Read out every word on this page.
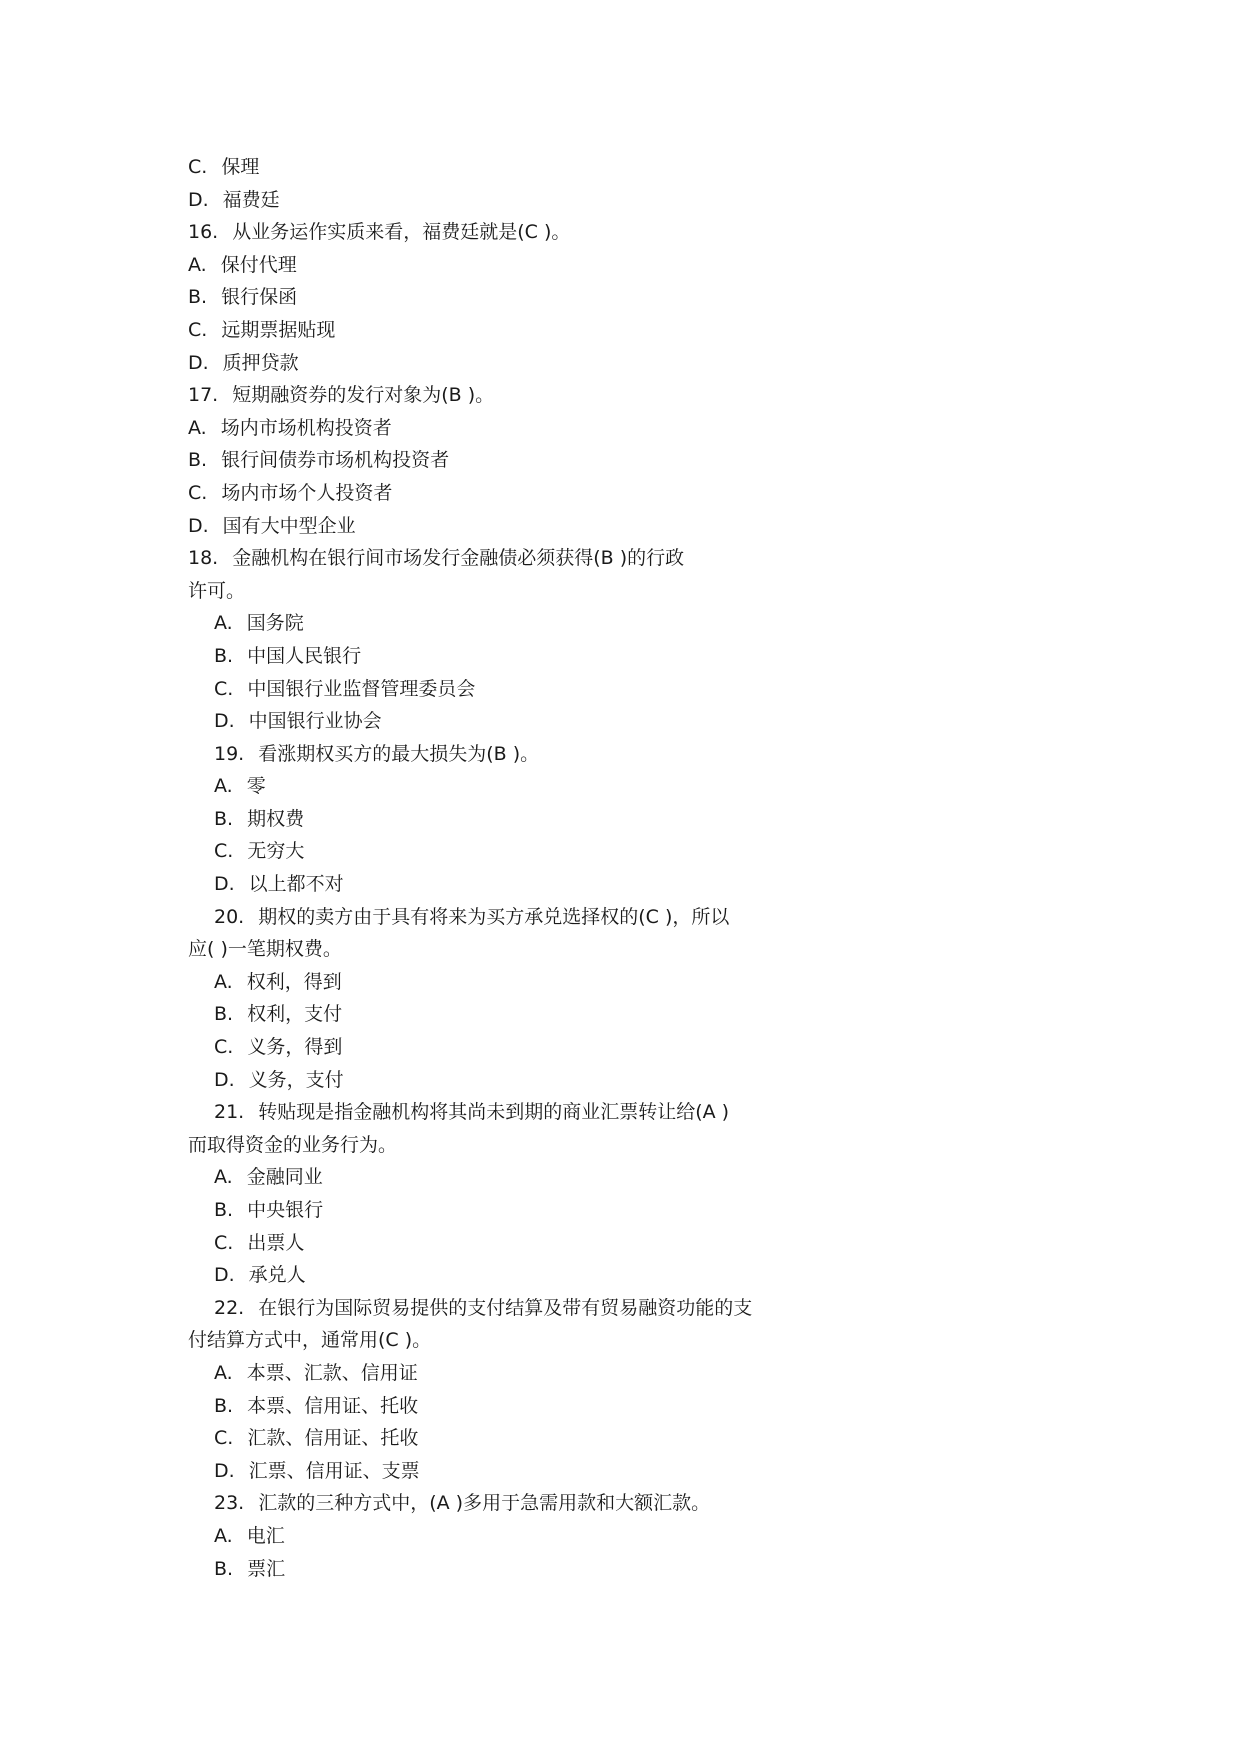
C. 保理
D. 福费廷
16. 从业务运作实质来看，福费廷就是(C )。
A. 保付代理
B. 银行保函
C. 远期票据贴现
D. 质押贷款
17. 短期融资券的发行对象为(B )。
A. 场内市场机构投资者
B. 银行间债券市场机构投资者
C. 场内市场个人投资者
D. 国有大中型企业
18. 金融机构在银行间市场发行金融债必须获得(B )的行政
许可。
A. 国务院
B. 中国人民银行
C. 中国银行业监督管理委员会
D. 中国银行业协会
19. 看涨期权买方的最大损失为(B )。
A. 零
B. 期权费
C. 无穷大
D. 以上都不对
20. 期权的卖方由于具有将来为买方承兑选择权的(C )，所以
应( )一笔期权费。
A. 权利，得到
B. 权利，支付
C. 义务，得到
D. 义务，支付
21. 转贴现是指金融机构将其尚未到期的商业汇票转让给(A )
而取得资金的业务行为。
A. 金融同业
B. 中央银行
C. 出票人
D. 承兑人
22. 在银行为国际贸易提供的支付结算及带有贸易融资功能的支
付结算方式中，通常用(C )。
A. 本票、汇款、信用证
B. 本票、信用证、托收
C. 汇款、信用证、托收
D. 汇票、信用证、支票
23. 汇款的三种方式中，(A )多用于急需用款和大额汇款。
A. 电汇
B. 票汇
